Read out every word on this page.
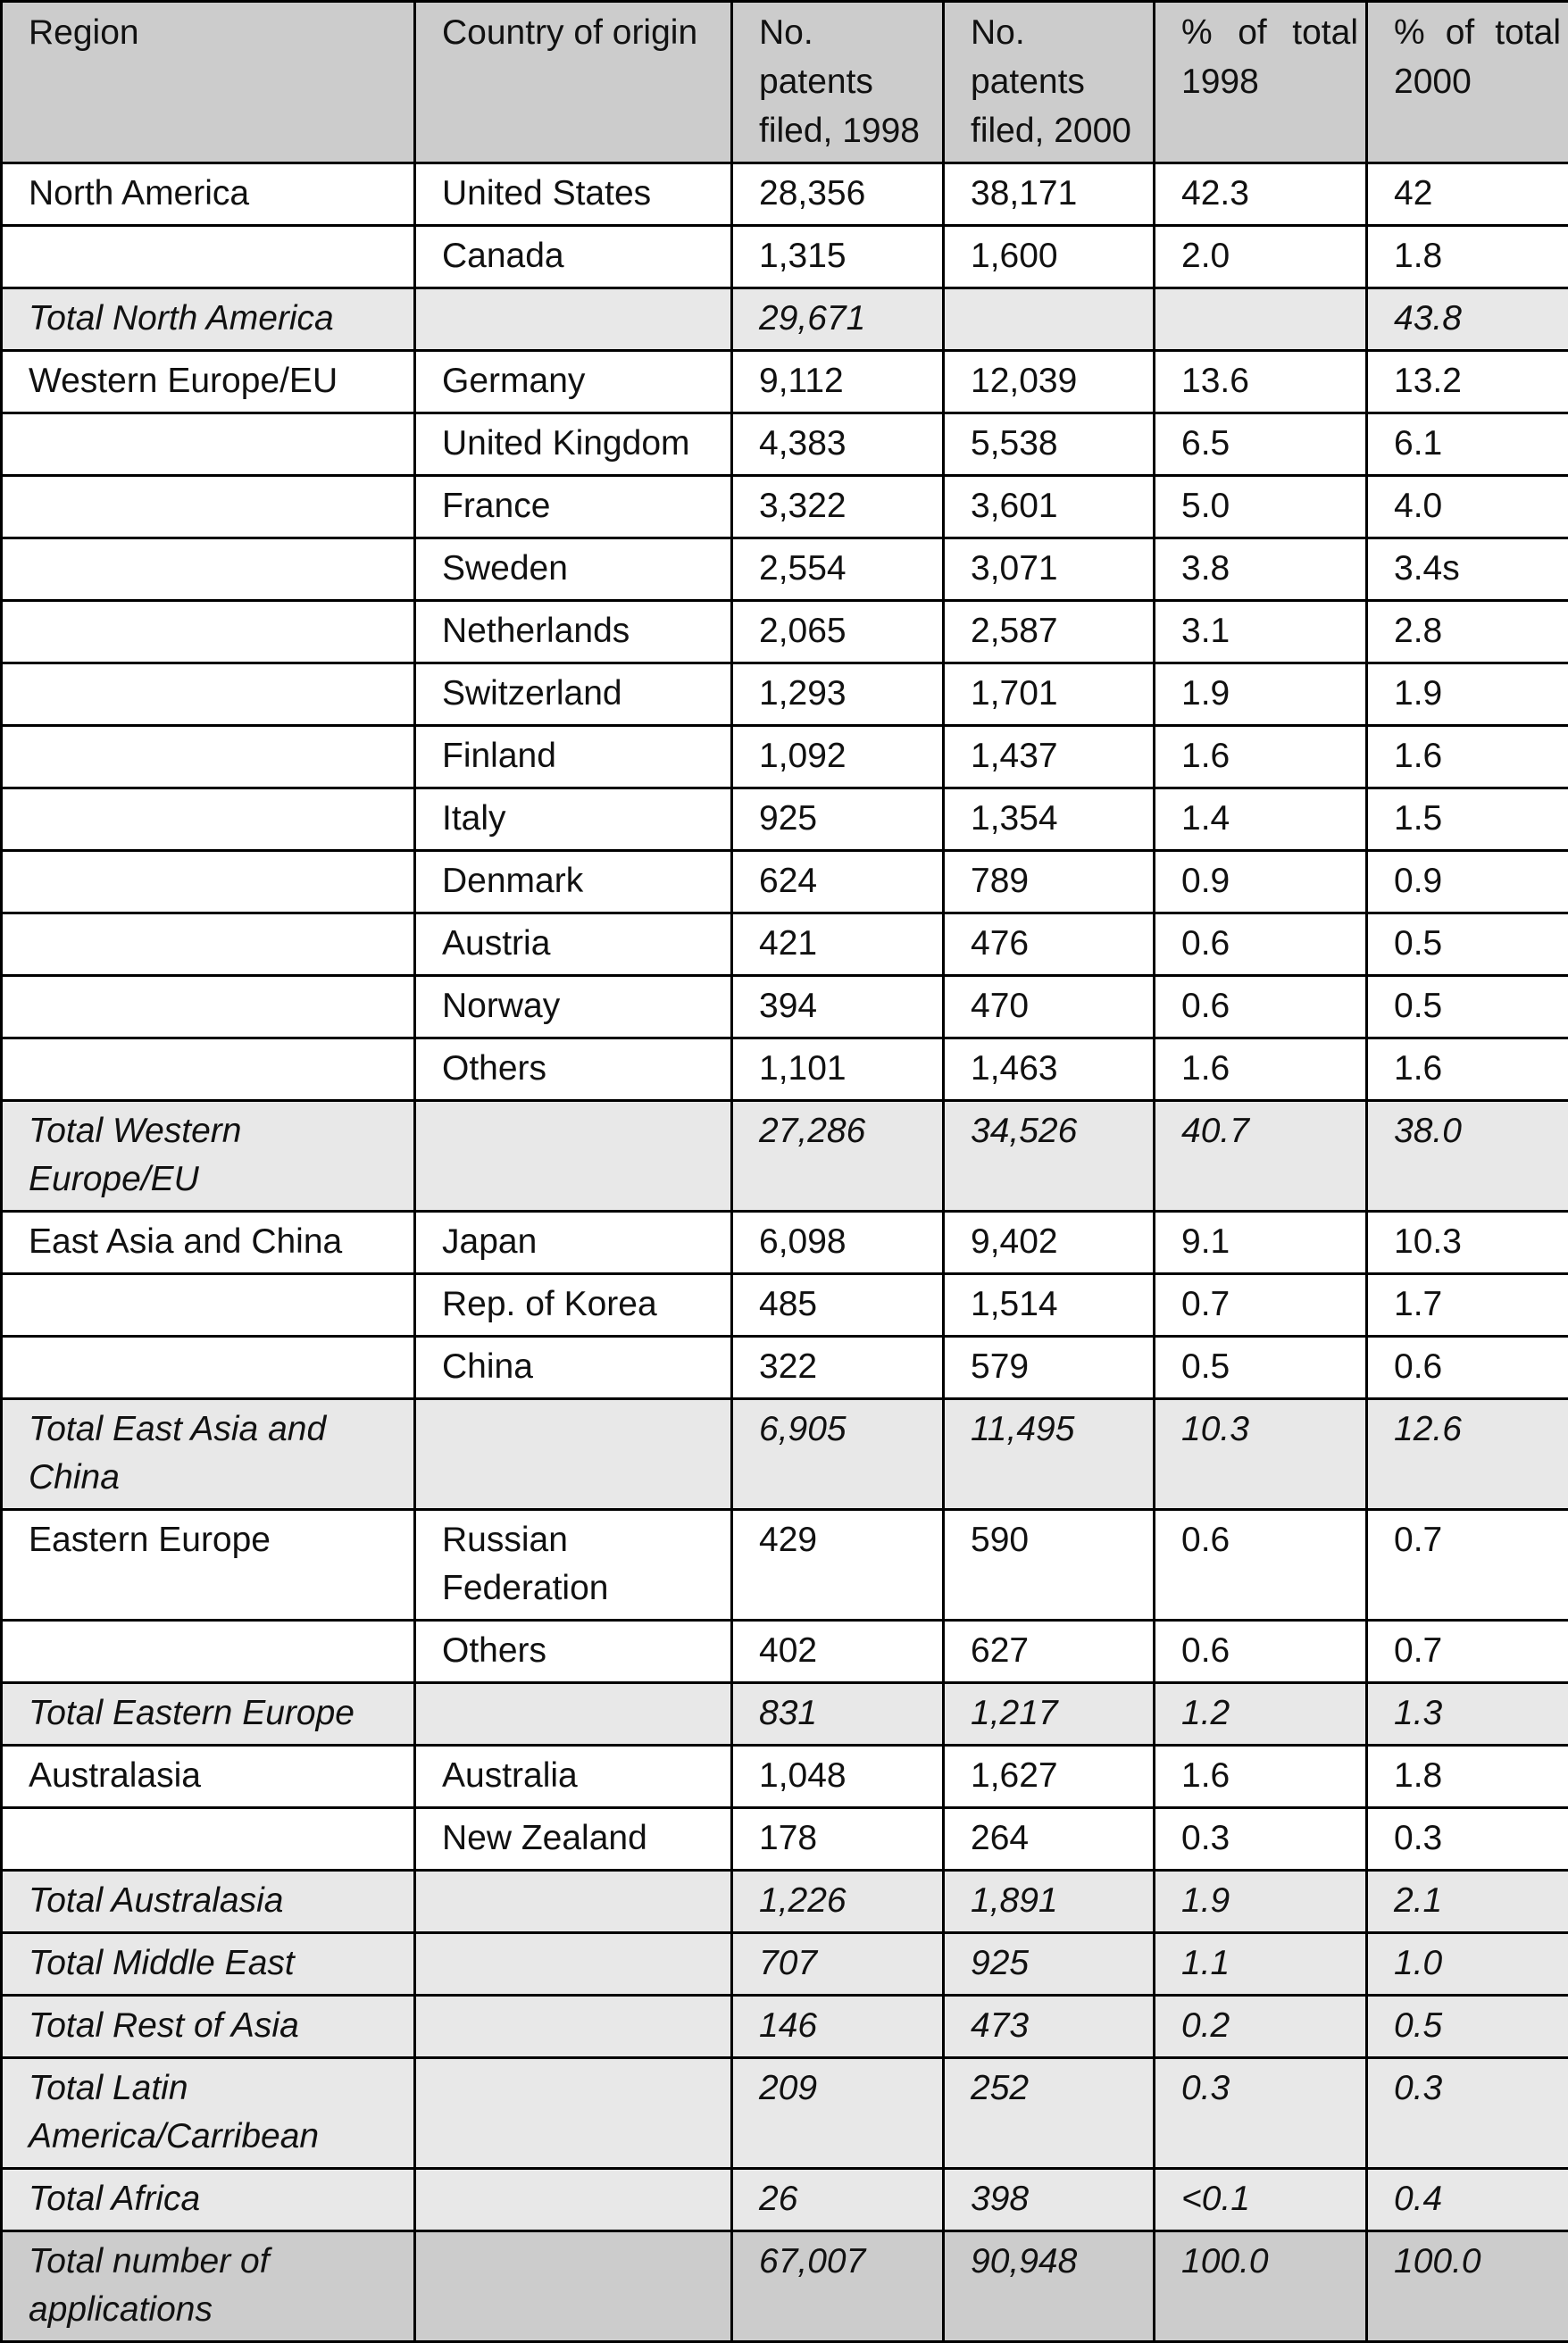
Region	Country of origin	No. patents filed, 1998	No. patents filed, 2000	% of total 1998	% of total 2000
North America	United States	28,356	38,171	42.3	42
	Canada	1,315	1,600	2.0	1.8
Total North America		29,671			43.8
Western Europe/EU	Germany	9,112	12,039	13.6	13.2
	United Kingdom	4,383	5,538	6.5	6.1
	France	3,322	3,601	5.0	4.0
	Sweden	2,554	3,071	3.8	3.4s
	Netherlands	2,065	2,587	3.1	2.8
	Switzerland	1,293	1,701	1.9	1.9
	Finland	1,092	1,437	1.6	1.6
	Italy	925	1,354	1.4	1.5
	Denmark	624	789	0.9	0.9
	Austria	421	476	0.6	0.5
	Norway	394	470	0.6	0.5
	Others	1,101	1,463	1.6	1.6
Total Western Europe/EU		27,286	34,526	40.7	38.0
East Asia and China	Japan	6,098	9,402	9.1	10.3
	Rep. of Korea	485	1,514	0.7	1.7
	China	322	579	0.5	0.6
Total East Asia and China		6,905	11,495	10.3	12.6
Eastern Europe	Russian Federation	429	590	0.6	0.7
	Others	402	627	0.6	0.7
Total Eastern Europe		831	1,217	1.2	1.3
Australasia	Australia	1,048	1,627	1.6	1.8
	New Zealand	178	264	0.3	0.3
Total Australasia		1,226	1,891	1.9	2.1
Total Middle East		707	925	1.1	1.0
Total Rest of Asia		146	473	0.2	0.5
Total Latin America/Carribean		209	252	0.3	0.3
Total Africa		26	398	<0.1	0.4
Total number of applications		67,007	90,948	100.0	100.0
